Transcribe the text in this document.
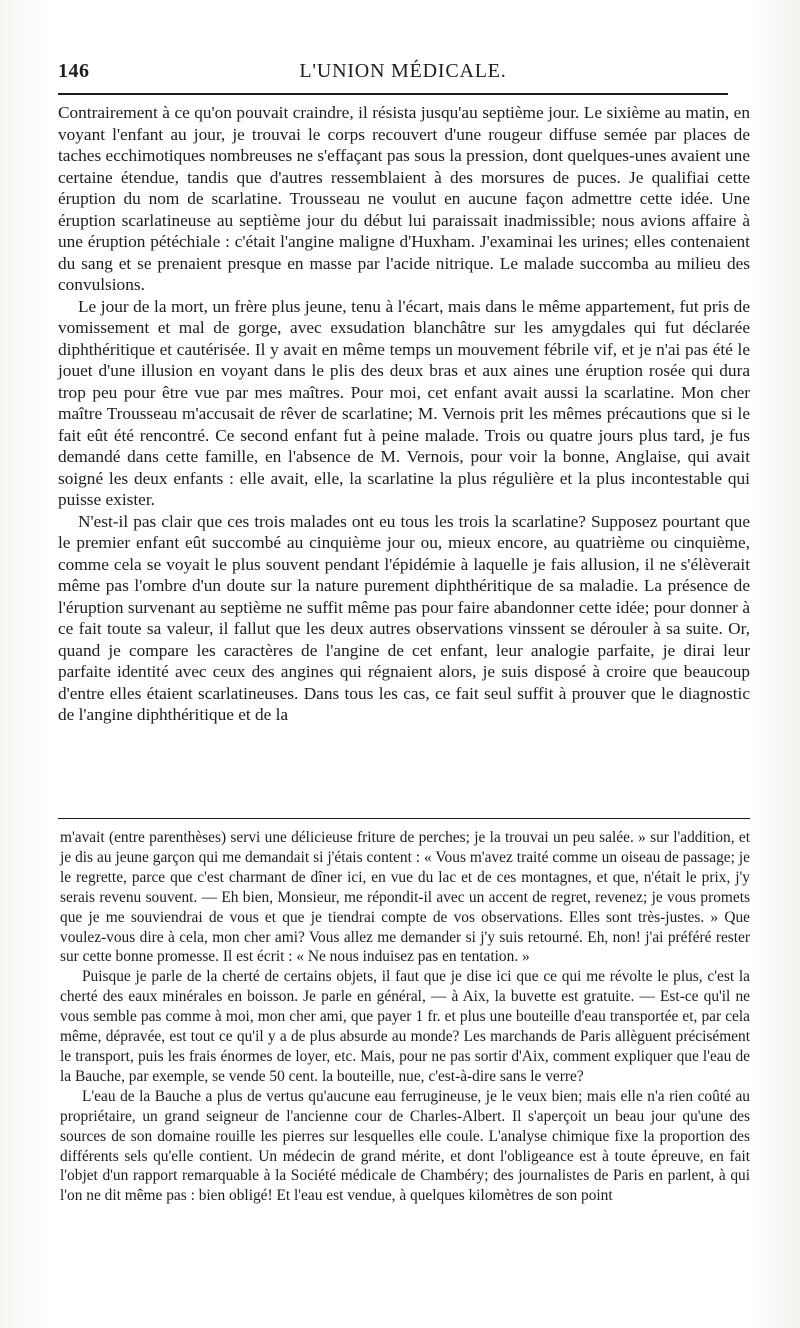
146	L'UNION MÉDICALE.

Contrairement à ce qu'on pouvait craindre, il résista jusqu'au septième jour. Le sixième au matin, en voyant l'enfant au jour, je trouvai le corps recouvert d'une rougeur diffuse semée par places de taches ecchimotiques nombreuses ne s'effaçant pas sous la pression, dont quelques-unes avaient une certaine étendue, tandis que d'autres ressemblaient à des morsures de puces. Je qualifiai cette éruption du nom de scarlatine. Trousseau ne voulut en aucune façon admettre cette idée. Une éruption scarlatineuse au septième jour du début lui paraissait inadmissible; nous avions affaire à une éruption pétéchiale : c'était l'angine maligne d'Huxham. J'examinai les urines; elles contenaient du sang et se prenaient presque en masse par l'acide nitrique. Le malade succomba au milieu des convulsions.

Le jour de la mort, un frère plus jeune, tenu à l'écart, mais dans le même appartement, fut pris de vomissement et mal de gorge, avec exsudation blanchâtre sur les amygdales qui fut déclarée diphthéritique et cautérisée. Il y avait en même temps un mouvement fébrile vif, et je n'ai pas été le jouet d'une illusion en voyant dans le plis des deux bras et aux aines une éruption rosée qui dura trop peu pour être vue par mes maîtres. Pour moi, cet enfant avait aussi la scarlatine. Mon cher maître Trousseau m'accusait de rêver de scarlatine; M. Vernois prit les mêmes précautions que si le fait eût été rencontré. Ce second enfant fut à peine malade. Trois ou quatre jours plus tard, je fus demandé dans cette famille, en l'absence de M. Vernois, pour voir la bonne, Anglaise, qui avait soigné les deux enfants : elle avait, elle, la scarlatine la plus régulière et la plus incontestable qui puisse exister.

N'est-il pas clair que ces trois malades ont eu tous les trois la scarlatine? Supposez pourtant que le premier enfant eût succombé au cinquième jour ou, mieux encore, au quatrième ou cinquième, comme cela se voyait le plus souvent pendant l'épidémie à laquelle je fais allusion, il ne s'élèverait même pas l'ombre d'un doute sur la nature purement diphthéritique de sa maladie. La présence de l'éruption survenant au septième ne suffit même pas pour faire abandonner cette idée; pour donner à ce fait toute sa valeur, il fallut que les deux autres observations vinssent se dérouler à sa suite. Or, quand je compare les caractères de l'angine de cet enfant, leur analogie parfaite, je dirai leur parfaite identité avec ceux des angines qui régnaient alors, je suis disposé à croire que beaucoup d'entre elles étaient scarlatineuses. Dans tous les cas, ce fait seul suffit à prouver que le diagnostic de l'angine diphthéritique et de la

m'avait (entre parenthèses) servi une délicieuse friture de perches; je la trouvai un peu salée. » sur l'addition, et je dis au jeune garçon qui me demandait si j'étais content : « Vous m'avez traité comme un oiseau de passage; je le regrette, parce que c'est charmant de dîner ici, en vue du lac et de ces montagnes, et que, n'était le prix, j'y serais revenu souvent. — Eh bien, Monsieur, me répondit-il avec un accent de regret, revenez; je vous promets que je me souviendrai de vous et que je tiendrai compte de vos observations. Elles sont très-justes. » Que voulez-vous dire à cela, mon cher ami? Vous allez me demander si j'y suis retourné. Eh, non! j'ai préféré rester sur cette bonne promesse. Il est écrit : « Ne nous induisez pas en tentation. »

Puisque je parle de la cherté de certains objets, il faut que je dise ici que ce qui me révolte le plus, c'est la cherté des eaux minérales en boisson. Je parle en général, — à Aix, la buvette est gratuite. — Est-ce qu'il ne vous semble pas comme à moi, mon cher ami, que payer 1 fr. et plus une bouteille d'eau transportée et, par cela même, dépravée, est tout ce qu'il y a de plus absurde au monde? Les marchands de Paris allèguent précisément le transport, puis les frais énormes de loyer, etc. Mais, pour ne pas sortir d'Aix, comment expliquer que l'eau de la Bauche, par exemple, se vende 50 cent. la bouteille, nue, c'est-à-dire sans le verre?

L'eau de la Bauche a plus de vertus qu'aucune eau ferrugineuse, je le veux bien; mais elle n'a rien coûté au propriétaire, un grand seigneur de l'ancienne cour de Charles-Albert. Il s'aperçoit un beau jour qu'une des sources de son domaine rouille les pierres sur lesquelles elle coule. L'analyse chimique fixe la proportion des différents sels qu'elle contient. Un médecin de grand mérite, et dont l'obligeance est à toute épreuve, en fait l'objet d'un rapport remarquable à la Société médicale de Chambéry; des journalistes de Paris en parlent, à qui l'on ne dit même pas : bien obligé! Et l'eau est vendue, à quelques kilomètres de son point
